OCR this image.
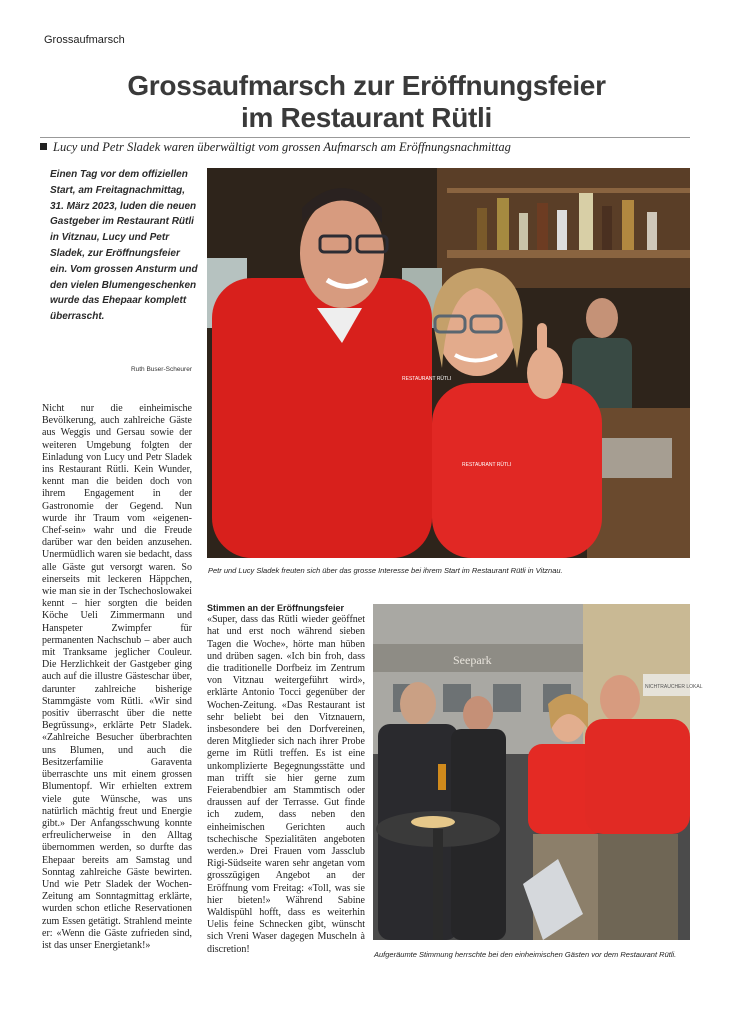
Grossaufmarsch
Grossaufmarsch zur Eröffnungsfeier
im Restaurant Rütli
Lucy und Petr Sladek waren überwältigt vom grossen Aufmarsch am Eröffnungsnachmittag

Einen Tag vor dem offiziellen Start, am Freitagnachmittag, 31. März 2023, luden die neuen Gastgeber im Restaurant Rütli in Vitznau, Lucy und Petr Sladek, zur Eröffnungsfeier ein. Vom grossen Ansturm und den vielen Blumengeschenken wurde das Ehepaar komplett überrascht.

Ruth Buser-Scheurer

Nicht nur die einheimische Bevölkerung, auch zahlreiche Gäste aus Weggis und Gersau sowie der weiteren Umgebung folgten der Einladung von Lucy und Petr Sladek ins Restaurant Rütli. Kein Wunder, kennt man die beiden doch von ihrem Engagement in der Gastronomie der Gegend. Nun wurde ihr Traum vom «eigenen-Chef-sein» wahr und die Freude darüber war den beiden anzusehen. Unermüdlich waren sie bedacht, dass alle Gäste gut versorgt waren. So einerseits mit leckeren Häppchen, wie man sie in der Tschechoslowakei kennt – hier sorgten die beiden Köche Ueli Zimmermann und Hanspeter Zwimpfer für permanenten Nachschub – aber auch mit Tranksame jeglicher Couleur. Die Herzlichkeit der Gastgeber ging auch auf die illustre Gästeschar über, darunter zahlreiche bisherige Stammgäste vom Rütli. «Wir sind positiv überrascht über die nette Begrüssung», erklärte Petr Sladek. «Zahlreiche Besucher überbrachten uns Blumen, und auch die Besitzerfamilie Garaventa überraschte uns mit einem grossen Blumentopf. Wir erhielten extrem viele gute Wünsche, was uns natürlich mächtig freut und Energie gibt.» Der Anfangsschwung konnte erfreulicherweise in den Alltag übernommen werden, so durfte das Ehepaar bereits am Samstag und Sonntag zahlreiche Gäste bewirten. Und wie Petr Sladek der Wochen-Zeitung am Sonntagmittag erklärte, wurden schon etliche Reservationen zum Essen getätigt. Strahlend meinte er: «Wenn die Gäste zufrieden sind, ist das unser Energietank!»

Stimmen an der Eröffnungsfeier

«Super, dass das Rütli wieder geöffnet hat und erst noch während sieben Tagen die Woche», hörte man hüben und drüben sagen. «Ich bin froh, dass die traditionelle Dorfbeiz im Zentrum von Vitznau weitergeführt wird», erklärte Antonio Tocci gegenüber der Wochen-Zeitung. «Das Restaurant ist sehr beliebt bei den Vitznauern, insbesondere bei den Dorfvereinen, deren Mitglieder sich nach ihrer Probe gerne im Rütli treffen. Es ist eine unkomplizierte Begegnungsstätte und man trifft sie hier gerne zum Feierabendbier am Stammtisch oder draussen auf der Terrasse. Gut finde ich zudem, dass neben den einheimischen Gerichten auch tschechische Spezialitäten angeboten werden.» Drei Frauen vom Jassclub Rigi-Südseite waren sehr angetan vom grosszügigen Angebot an der Eröffnung vom Freitag: «Toll, was sie hier bieten!» Während Sabine Waldispühl hofft, dass es weiterhin Uelis feine Schnecken gibt, wünscht sich Vreni Waser dagegen Muscheln à discretion!

RESTAURANT RÜTLI
RESTAURANT RÜTLI
Petr und Lucy Sladek freuten sich über das grosse Interesse bei ihrem Start im Restaurant Rütli in Vitznau.
Seepark
NICHTRAUCHER LOKAL
Aufgeräumte Stimmung herrschte bei den einheimischen Gästen vor dem Restaurant Rütli.
